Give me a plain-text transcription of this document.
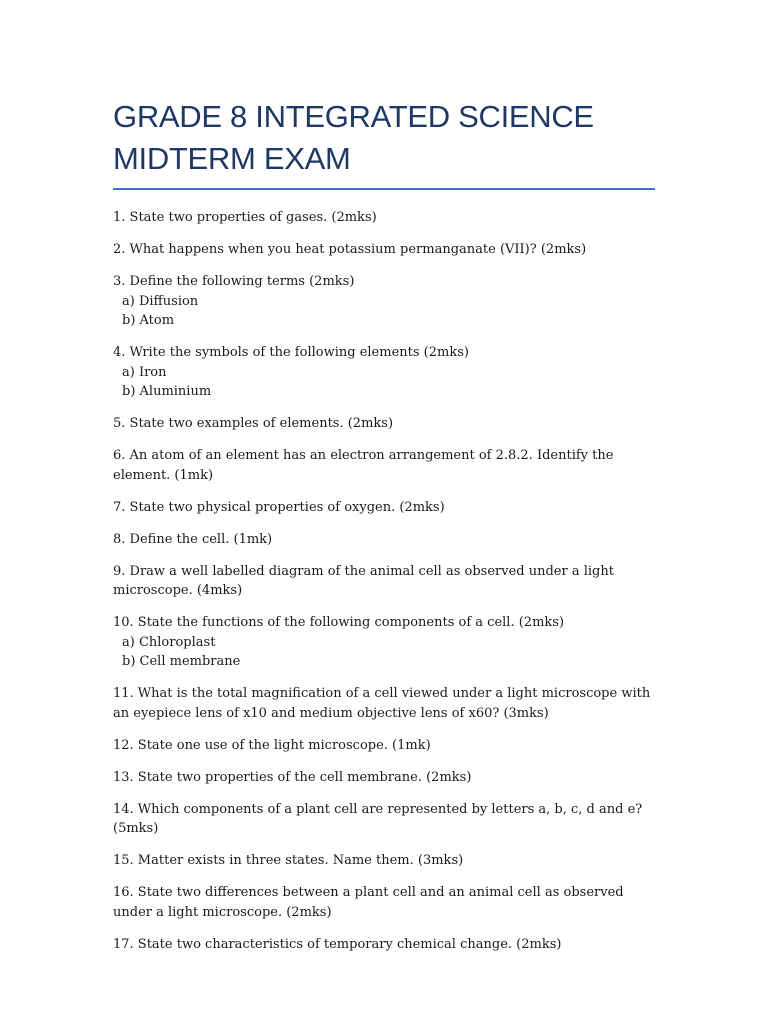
GRADE 8 INTEGRATED SCIENCE
MIDTERM EXAM

1. State two properties of gases. (2mks)

2. What happens when you heat potassium permanganate (VII)? (2mks)

3. Define the following terms (2mks)
a) Diffusion
b) Atom

4. Write the symbols of the following elements (2mks)
a) Iron
b) Aluminium

5. State two examples of elements. (2mks)

6. An atom of an element has an electron arrangement of 2.8.2. Identify the element. (1mk)

7. State two physical properties of oxygen. (2mks)

8. Define the cell. (1mk)

9. Draw a well labelled diagram of the animal cell as observed under a light microscope. (4mks)

10. State the functions of the following components of a cell. (2mks)
a) Chloroplast
b) Cell membrane

11. What is the total magnification of a cell viewed under a light microscope with an eyepiece lens of x10 and medium objective lens of x60? (3mks)

12. State one use of the light microscope. (1mk)

13. State two properties of the cell membrane. (2mks)

14. Which components of a plant cell are represented by letters a, b, c, d and e? (5mks)

15. Matter exists in three states. Name them. (3mks)

16. State two differences between a plant cell and an animal cell as observed under a light microscope. (2mks)

17. State two characteristics of temporary chemical change. (2mks)
